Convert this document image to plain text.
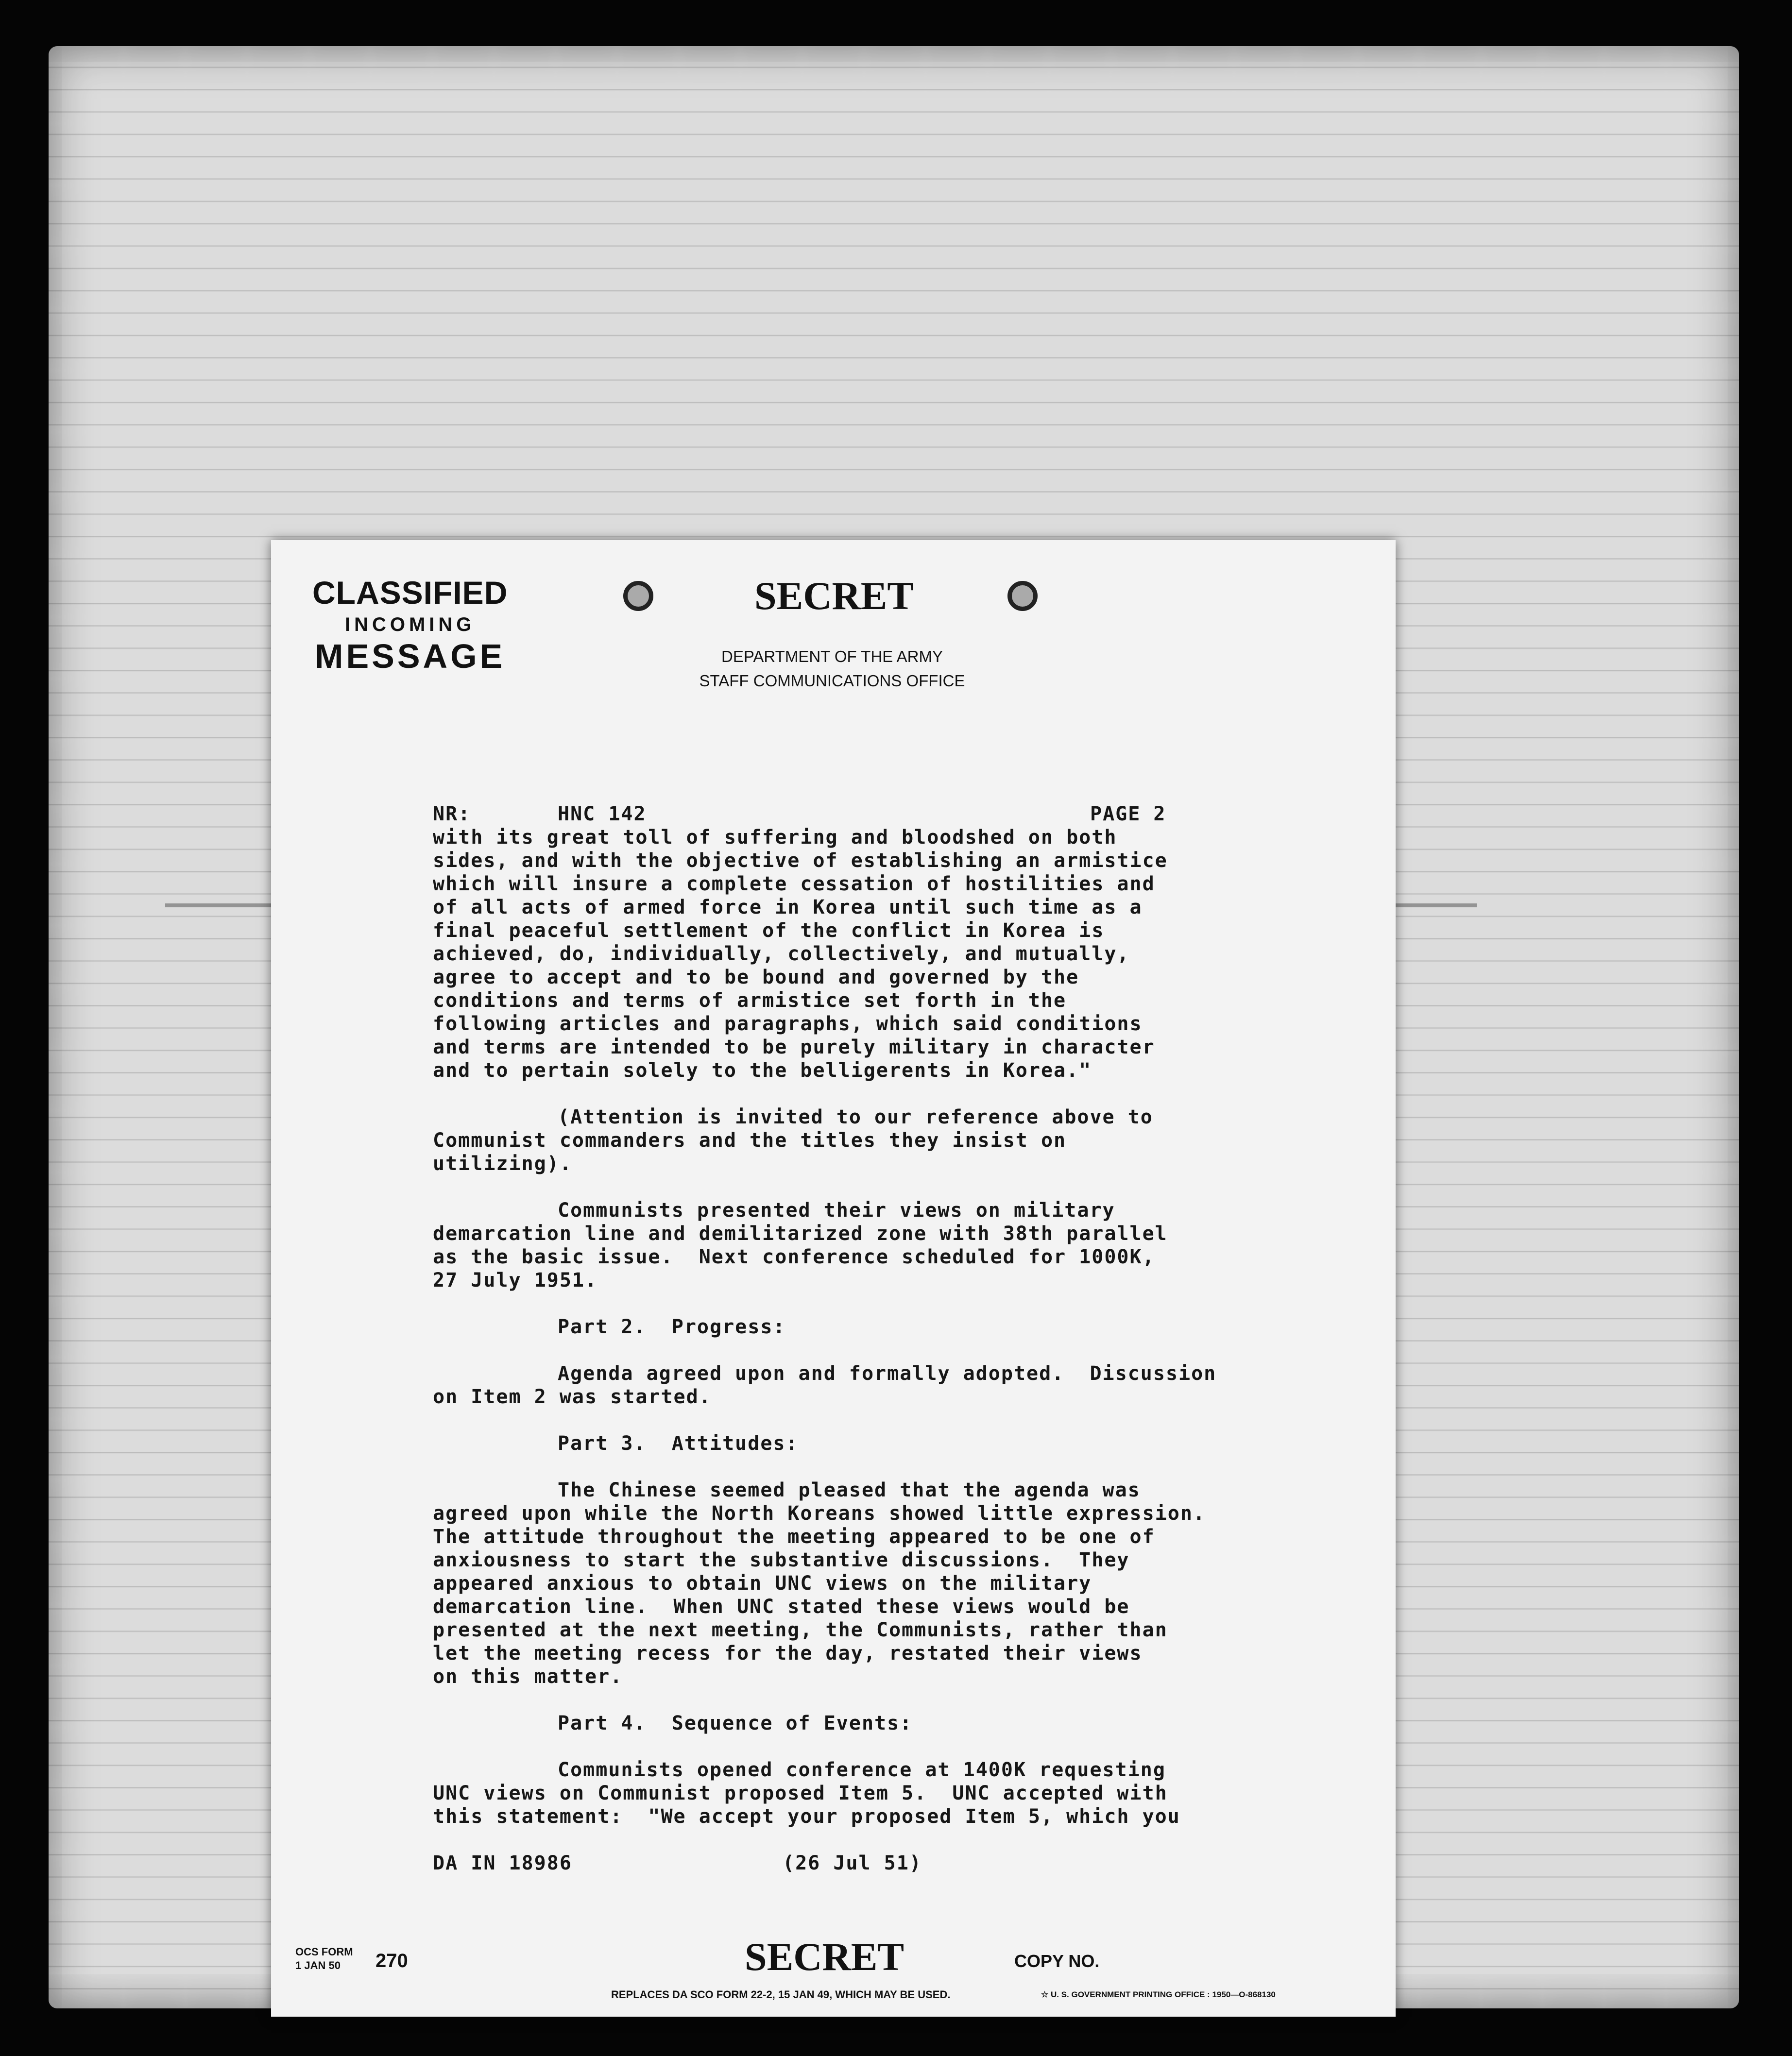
CLASSIFIED
INCOMING
MESSAGE
SECRET
DEPARTMENT OF THE ARMY
STAFF COMMUNICATIONS OFFICE
NR:	HNC 142	PAGE 2

with its great toll of suffering and bloodshed on both

sides, and with the objective of establishing an armistice

which will insure a complete cessation of hostilities and

of all acts of armed force in Korea until such time as a

final peaceful settlement of the conflict in Korea is

achieved, do, individually, collectively, and mutually,

agree to accept and to be bound and governed by the

conditions and terms of armistice set forth in the

following articles and paragraphs, which said conditions

and terms are intended to be purely military in character

and to pertain solely to the belligerents in Korea."

(Attention is invited to our reference above to

Communist commanders and the titles they insist on

utilizing).

Communists presented their views on military

demarcation line and demilitarized zone with 38th parallel

as the basic issue.  Next conference scheduled for 1000K,

27 July 1951.

Part 2.  Progress:

Agenda agreed upon and formally adopted.  Discussion

on Item 2 was started.

Part 3.  Attitudes:

The Chinese seemed pleased that the agenda was

agreed upon while the North Koreans showed little expression.

The attitude throughout the meeting appeared to be one of

anxiousness to start the substantive discussions.  They

appeared anxious to obtain UNC views on the military

demarcation line.  When UNC stated these views would be

presented at the next meeting, the Communists, rather than

let the meeting recess for the day, restated their views

on this matter.

Part 4.  Sequence of Events:

Communists opened conference at 1400K requesting

UNC views on Communist proposed Item 5.  UNC accepted with

this statement:  "We accept your proposed Item 5, which you

DA IN 18986	(26 Jul 51)
OCS FORM
1 JAN 50	270	SECRET	COPY NO.
REPLACES DA SCO FORM 22-2, 15 JAN 49, WHICH MAY BE USED.	☆ U. S. GOVERNMENT PRINTING OFFICE : 1950—O-868130
